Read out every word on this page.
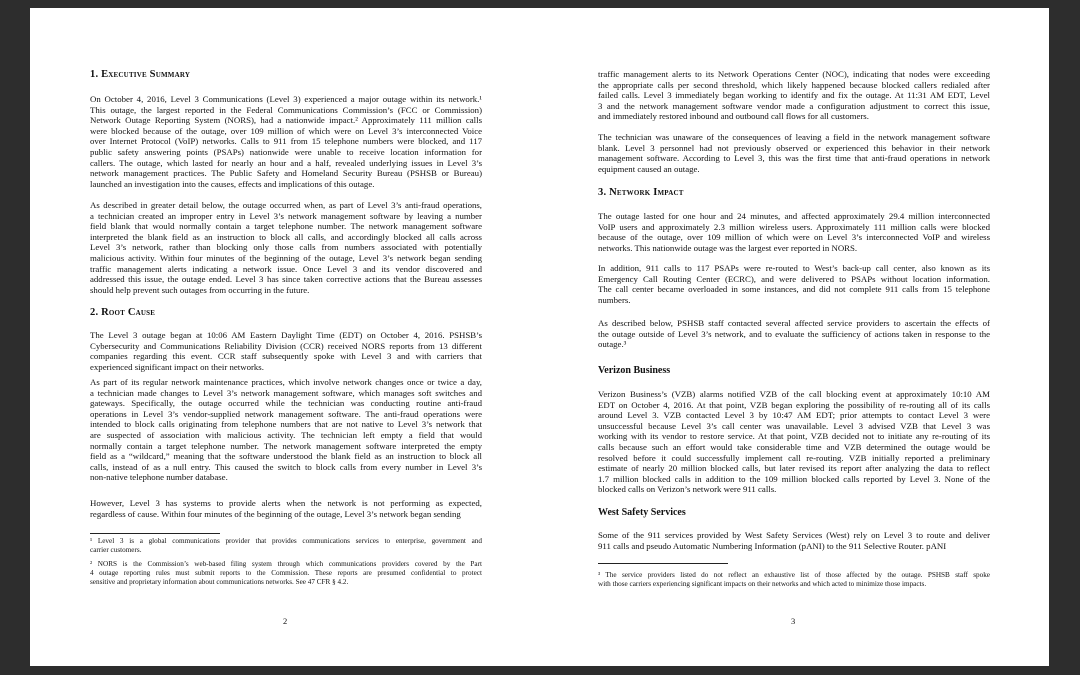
1. Executive Summary
On October 4, 2016, Level 3 Communications (Level 3) experienced a major outage within its network.¹
This outage, the largest reported in the Federal Communications Commission’s (FCC or Commission)
Network Outage Reporting System (NORS), had a nationwide impact.² Approximately 111 million calls
were blocked because of the outage, over 109 million of which were on Level 3’s interconnected Voice
over Internet Protocol (VoIP) networks. Calls to 911 from 15 telephone numbers were blocked, and 117
public safety answering points (PSAPs) nationwide were unable to receive location information for
callers. The outage, which lasted for nearly an hour and a half, revealed underlying issues in Level 3’s
network management practices. The Public Safety and Homeland Security Bureau (PSHSB or Bureau)
launched an investigation into the causes, effects and implications of this outage.
As described in greater detail below, the outage occurred when, as part of Level 3’s anti-fraud operations,
a technician created an improper entry in Level 3’s network management software by leaving a number
field blank that would normally contain a target telephone number. The network management software
interpreted the blank field as an instruction to block all calls, and accordingly blocked all calls across
Level 3’s network, rather than blocking only those calls from numbers associated with potentially
malicious activity. Within four minutes of the beginning of the outage, Level 3’s network began sending
traffic management alerts indicating a network issue. Once Level 3 and its vendor discovered and
addressed this issue, the outage ended. Level 3 has since taken corrective actions that the Bureau assesses
should help prevent such outages from occurring in the future.
2. Root Cause
The Level 3 outage began at 10:06 AM Eastern Daylight Time (EDT) on October 4, 2016. PSHSB’s
Cybersecurity and Communications Reliability Division (CCR) received NORS reports from 13 different
companies regarding this event. CCR staff subsequently spoke with Level 3 and with carriers that
experienced significant impact on their networks.
As part of its regular network maintenance practices, which involve network changes once or twice a day,
a technician made changes to Level 3’s network management software, which manages soft switches and
gateways. Specifically, the outage occurred while the technician was conducting routine anti-fraud
operations in Level 3’s vendor-supplied network management software. The anti-fraud operations were
intended to block calls originating from telephone numbers that are not native to Level 3’s network that
are suspected of association with malicious activity. The technician left empty a field that would
normally contain a target telephone number. The network management software interpreted the empty
field as a “wildcard,” meaning that the software understood the blank field as an instruction to block all
calls, instead of as a null entry. This caused the switch to block calls from every number in Level 3’s
non-native telephone number database.
However, Level 3 has systems to provide alerts when the network is not performing as expected,
regardless of cause. Within four minutes of the beginning of the outage, Level 3’s network began sending
¹ Level 3 is a global communications provider that provides communications services to enterprise, government and
carrier customers.
² NORS is the Commission’s web-based filing system through which communications providers covered by the Part
4 outage reporting rules must submit reports to the Commission. These reports are presumed confidential to protect
sensitive and proprietary information about communications networks. See 47 CFR § 4.2.
2
traffic management alerts to its Network Operations Center (NOC), indicating that nodes were exceeding
the appropriate calls per second threshold, which likely happened because blocked callers redialed after
failed calls. Level 3 immediately began working to identify and fix the outage. At 11:31 AM EDT, Level
3 and the network management software vendor made a configuration adjustment to correct this issue,
and immediately restored inbound and outbound call flows for all customers.
The technician was unaware of the consequences of leaving a field in the network management software
blank. Level 3 personnel had not previously observed or experienced this behavior in their network
management software. According to Level 3, this was the first time that anti-fraud operations in network
equipment caused an outage.
3. Network Impact
The outage lasted for one hour and 24 minutes, and affected approximately 29.4 million interconnected
VoIP users and approximately 2.3 million wireless users. Approximately 111 million calls were blocked
because of the outage, over 109 million of which were on Level 3’s interconnected VoIP and wireless
networks. This nationwide outage was the largest ever reported in NORS.
In addition, 911 calls to 117 PSAPs were re-routed to West’s back-up call center, also known as its
Emergency Call Routing Center (ECRC), and were delivered to PSAPs without location information.
The call center became overloaded in some instances, and did not complete 911 calls from 15 telephone
numbers.
As described below, PSHSB staff contacted several affected service providers to ascertain the effects of
the outage outside of Level 3’s network, and to evaluate the sufficiency of actions taken in response to the
outage.³
Verizon Business
Verizon Business’s (VZB) alarms notified VZB of the call blocking event at approximately 10:10 AM
EDT on October 4, 2016. At that point, VZB began exploring the possibility of re-routing all of its calls
around Level 3. VZB contacted Level 3 by 10:47 AM EDT; prior attempts to contact Level 3 were
unsuccessful because Level 3’s call center was unavailable. Level 3 advised VZB that Level 3 was
working with its vendor to restore service. At that point, VZB decided not to initiate any re-routing of its
calls because such an effort would take considerable time and VZB determined the outage would be
resolved before it could successfully implement call re-routing. VZB initially reported a preliminary
estimate of nearly 20 million blocked calls, but later revised its report after analyzing the data to reflect
1.7 million blocked calls in addition to the 109 million blocked calls reported by Level 3. None of the
blocked calls on Verizon’s network were 911 calls.
West Safety Services
Some of the 911 services provided by West Safety Services (West) rely on Level 3 to route and deliver
911 calls and pseudo Automatic Numbering Information (pANI) to the 911 Selective Router. pANI
³ The service providers listed do not reflect an exhaustive list of those affected by the outage. PSHSB staff spoke
with those carriers experiencing significant impacts on their networks and which acted to minimize those impacts.
3
